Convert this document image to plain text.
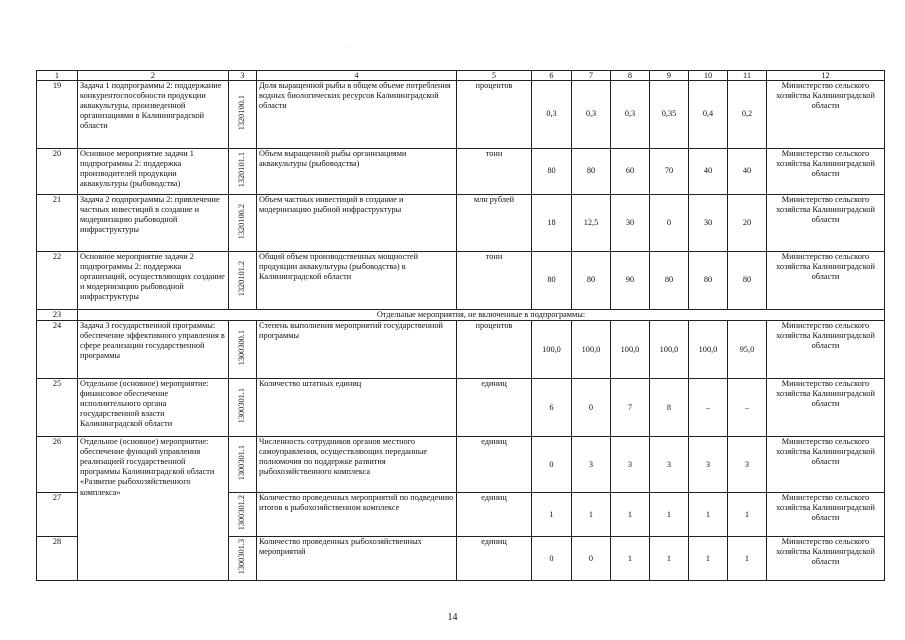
·
1	2	3	4	5	6	7	8	9	10	11	12
19	Задача 1 подпрограммы 2: поддержание конкурентоспособности продукции аквакультуры, произведенной организациями в Калининградской области	1320100.1	Доля выращенной рыбы в общем объеме потребления водных биологических ресурсов Калининградской области	процентов	0,3	0,3	0,3	0,35	0,4	0,2	Министерство сельского хозяйства Калининградской области
20	Основное мероприятие задачи 1 подпрограммы 2: поддержка производителей продукции аквакультуры (рыбоводства)	1320101.1	Объем выращенной рыбы организациями аквакультуры (рыбоводства)	тонн	80	80	60	70	40	40	Министерство сельского хозяйства Калининградской области
21	Задача 2 подпрограммы 2: привлечение частных инвестиций в создание и модернизацию рыбоводной инфраструктуры	1320100.2	Объем частных инвестиций в создание и модернизацию рыбной инфраструктуры	млн рублей	18	12,5	30	0	30	20	Министерство сельского хозяйства Калининградской области
22	Основное мероприятие задачи 2 подпрограммы 2: поддержка организаций, осуществляющих создание и модернизацию рыбоводной инфраструктуры	1320101.2	Общий объем производственных мощностей продукции аквакультуры (рыбоводства) в Калининградской области	тонн	80	80	90	80	80	80	Министерство сельского хозяйства Калининградской области
23	Отдельные мероприятия, не включенные в подпрограммы:										
24	Задача 3 государственной программы: обеспечение эффективного управления в сфере реализации государственной программы	1300300.1	Степень выполнения мероприятий государственной программы	процентов	100,0	100,0	100,0	100,0	100,0	95,0	Министерство сельского хозяйства Калининградской области
25	Отдельное (основное) мероприятие: финансовое обеспечение исполнительного органа государственной власти Калининградской области	1300301.1	Количество штатных единиц	единиц	6	0	7	8	–	–	Министерство сельского хозяйства Калининградской области
26	Отдельное (основное) мероприятие: обеспечение функций управления реализацией государственной программы Калининградской области «Развитие рыбохозяйственного комплекса»	1300301.1	Численность сотрудников органов местного самоуправления, осуществляющих переданные полномочия по поддержке развития рыбохозяйственного комплекса	единиц	0	3	3	3	3	3	Министерство сельского хозяйства Калининградской области
27		1300301.2	Количество проведенных мероприятий по подведению итогов в рыбохозяйственном комплексе	единиц	1	1	1	1	1	1	Министерство сельского хозяйства Калининградской области
28		1300301.3	Количество проведенных рыбохозяйственных мероприятий	единиц	0	0	1	1	1	1	Министерство сельского хозяйства Калининградской области
14
